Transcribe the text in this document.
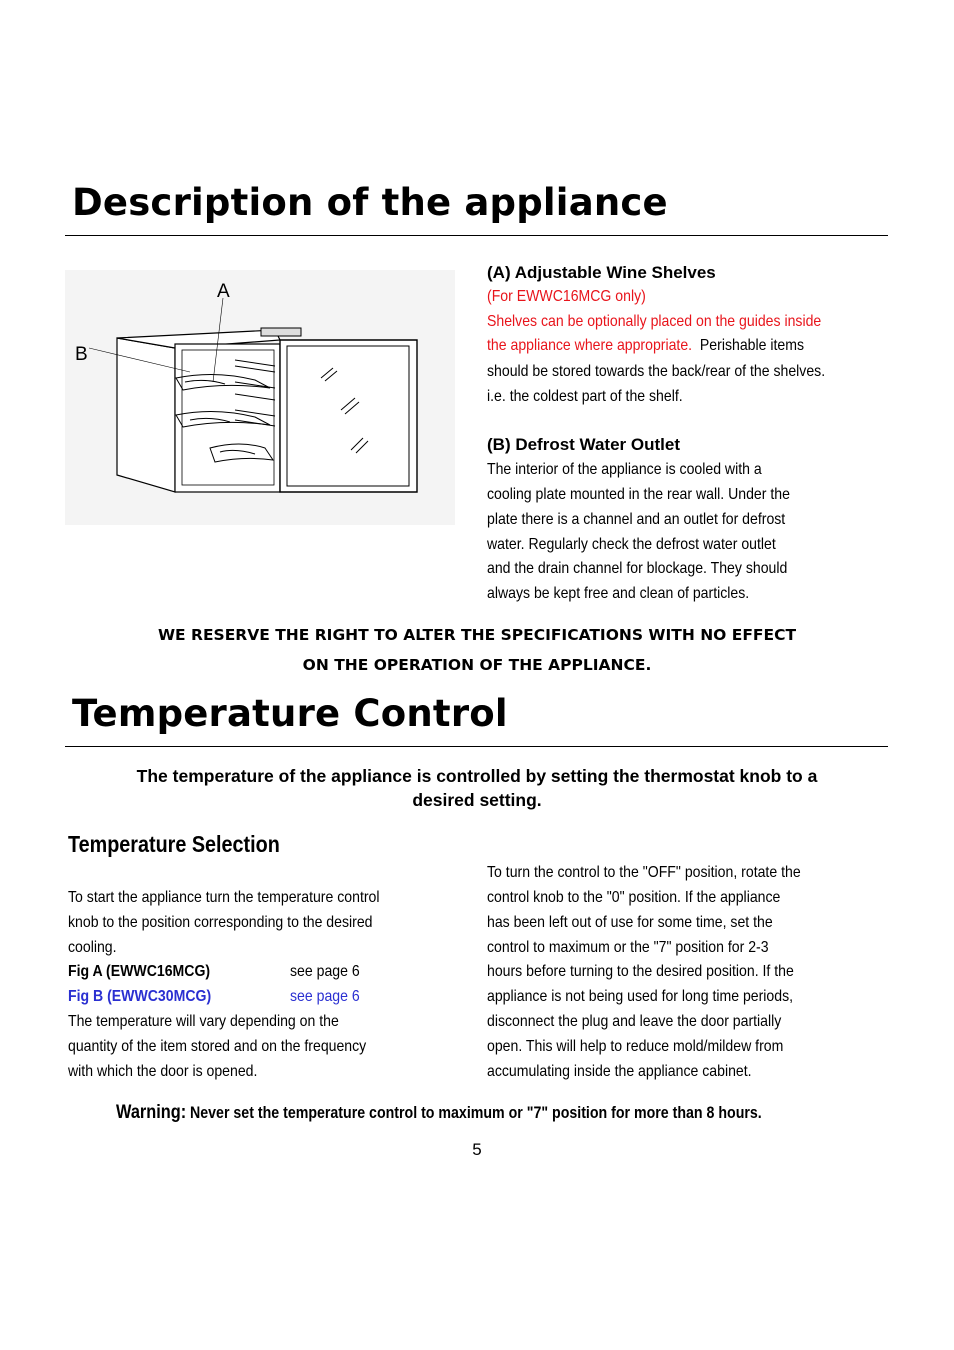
Description of the appliance
A
B
(A) Adjustable Wine Shelves
(For EWWC16MCG only)
Shelves can be optionally placed on the guides inside
the appliance where appropriate. Perishable items
should be stored towards the back/rear of the shelves.
i.e. the coldest part of the shelf.
(B) Defrost Water Outlet
The interior of the appliance is cooled with a
cooling plate mounted in the rear wall. Under the
plate there is a channel and an outlet for defrost
water. Regularly check the defrost water outlet
and the drain channel for blockage. They should
always be kept free and clean of particles.
WE RESERVE THE RIGHT TO ALTER THE SPECIFICATIONS WITH NO EFFECT
ON THE OPERATION OF THE APPLIANCE.
Temperature Control
The temperature of the appliance is controlled by setting the thermostat knob to a
desired setting.
Temperature Selection
To start the appliance turn the temperature control
knob to the position corresponding to the desired
cooling.
Fig A (EWWC16MCG)	see page 6
Fig B (EWWC30MCG)	see page 6
The temperature will vary depending on the
quantity of the item stored and on the frequency
with which the door is opened.
To turn the control to the "OFF" position, rotate the
control knob to the "0" position. If the appliance
has been left out of use for some time, set the
control to maximum or the "7" position for 2-3
hours before turning to the desired position. If the
appliance is not being used for long time periods,
disconnect the plug and leave the door partially
open. This will help to reduce mold/mildew from
accumulating inside the appliance cabinet.
Warning: Never set the temperature control to maximum or "7" position for more than 8 hours.
5
